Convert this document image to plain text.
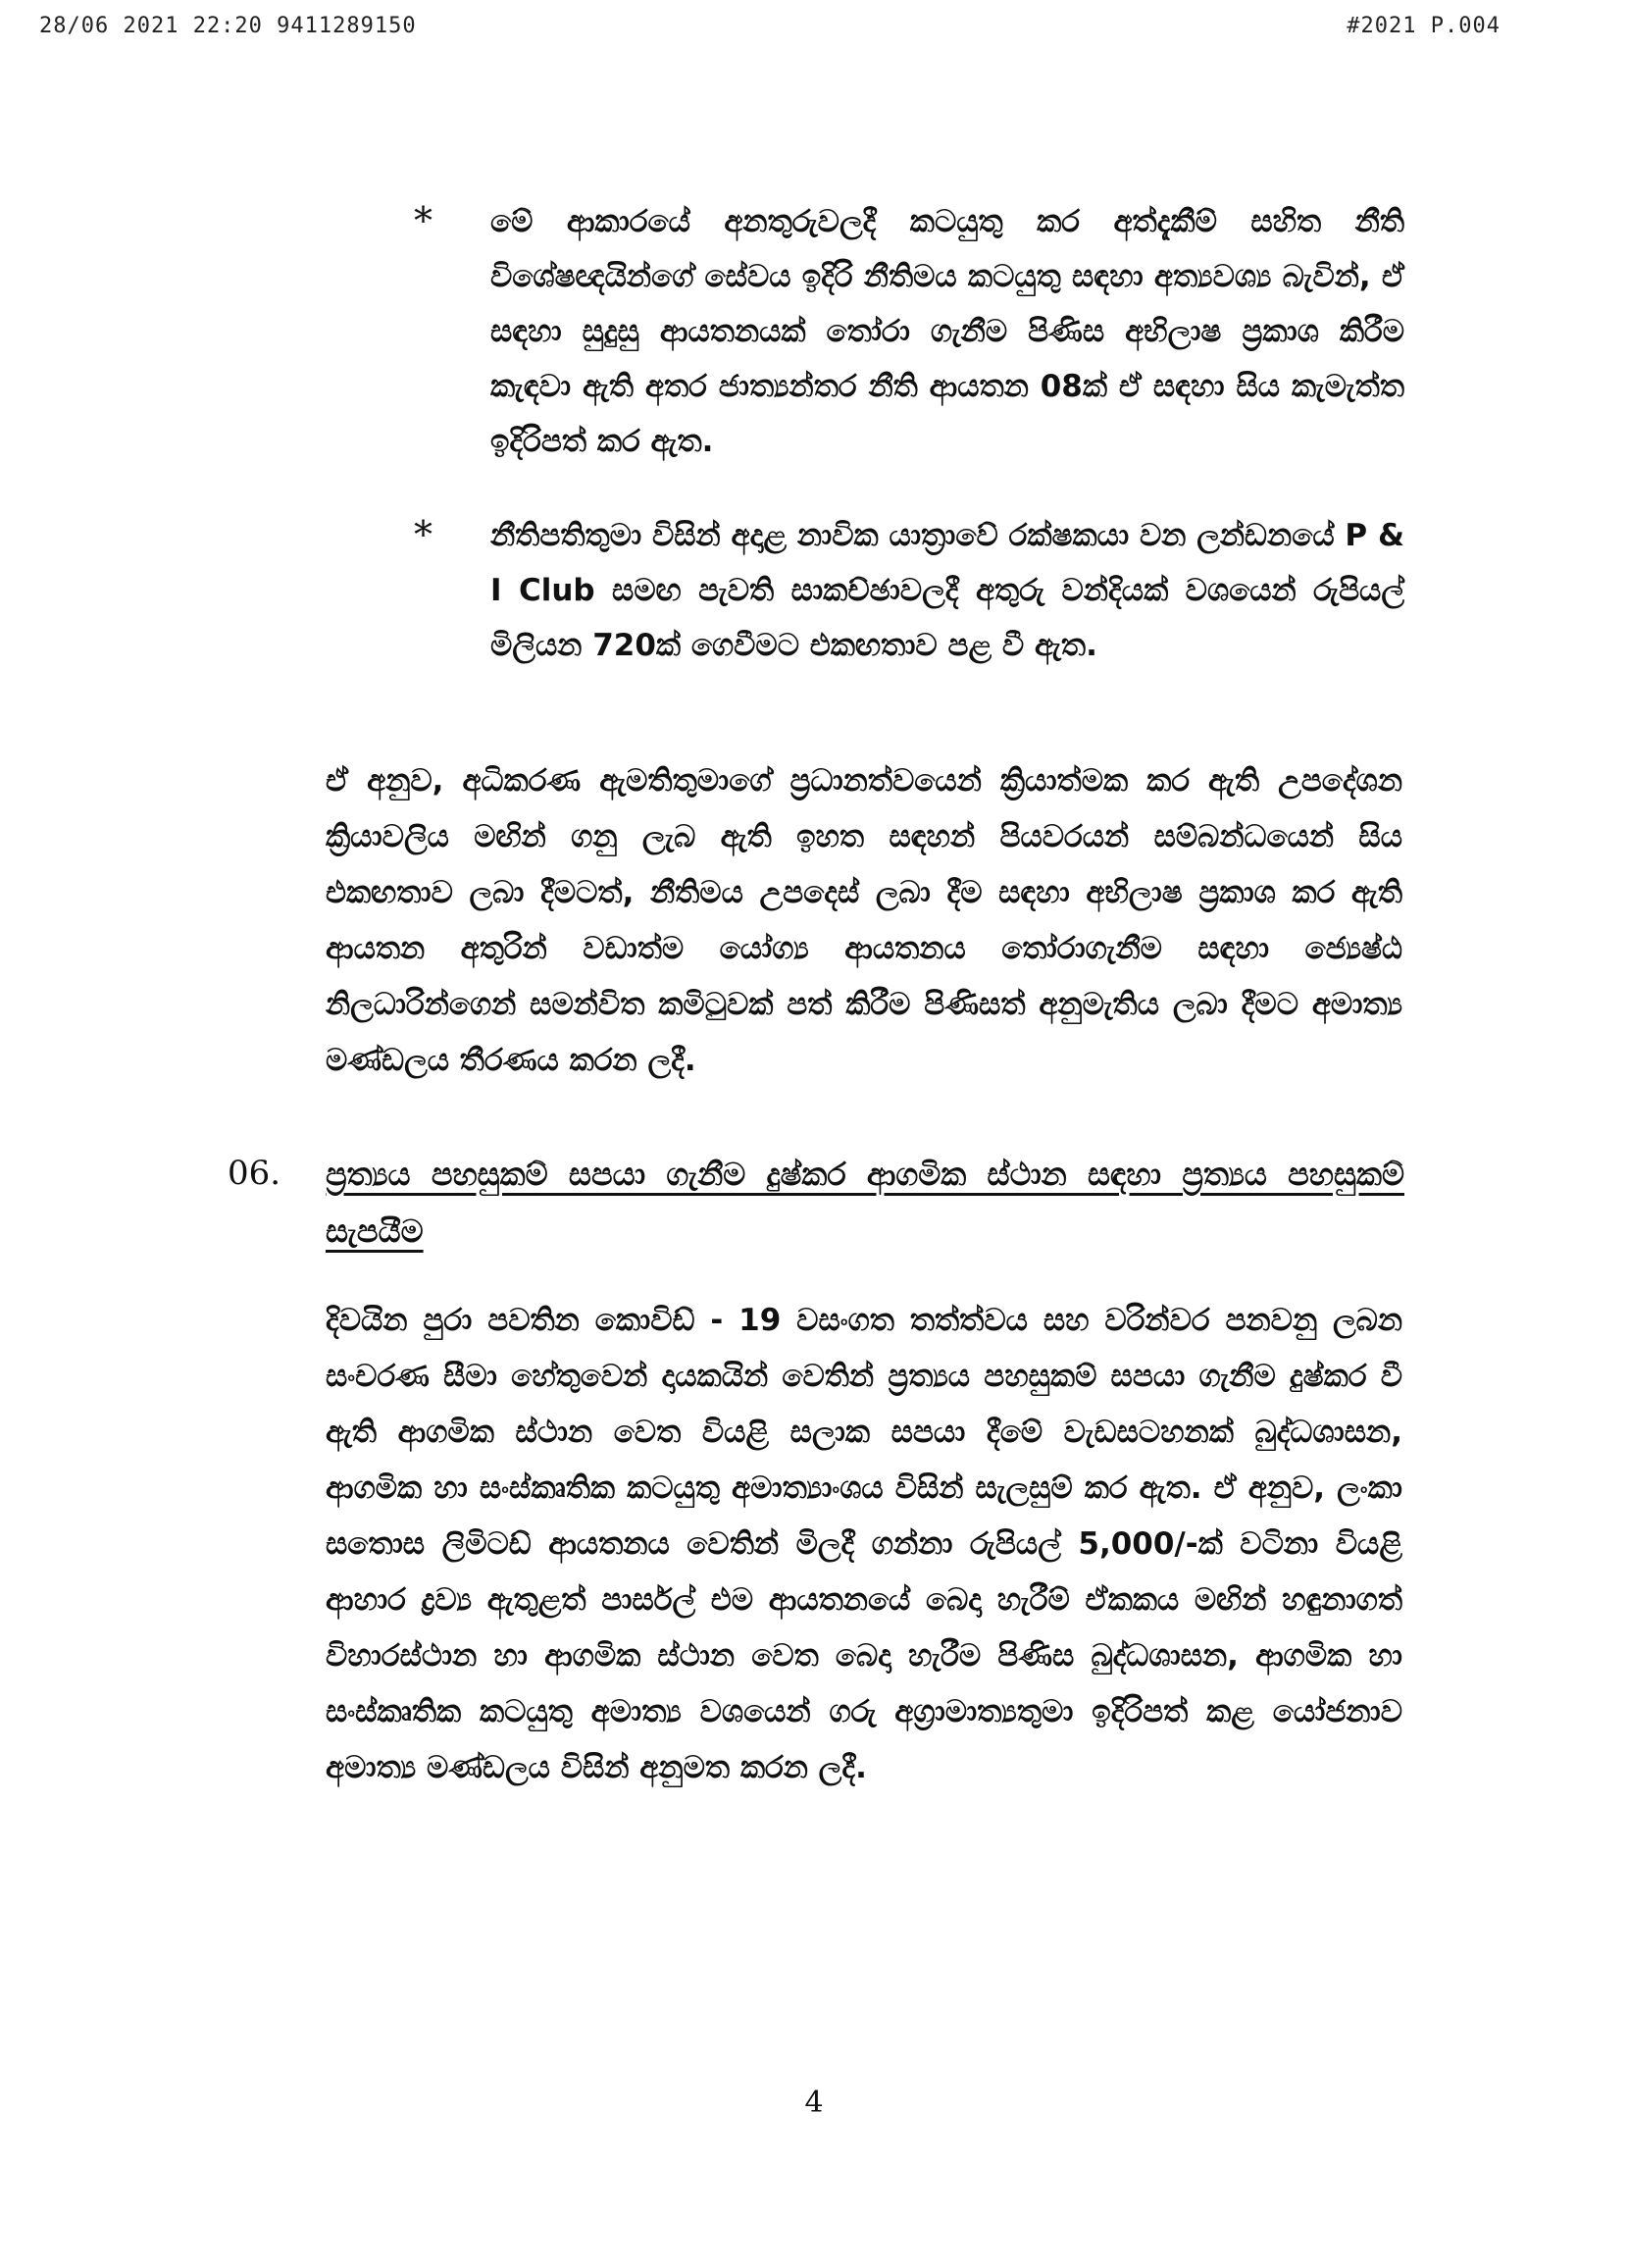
28/06 2021 22:20 9411289150	#2021 P.004
* මේ ආකාරයේ අනතුරුවලදී කටයුතු කර අත්දැකීම් සහිත නීති විශේෂඥයින්ගේ සේවය ඉදිරි නීතිමය කටයුතු සඳහා අත්‍යවශ්‍ය බැවින්, ඒ සඳහා සුදුසු ආයතනයක් තෝරා ගැනීම පිණිස අභිලාෂ ප්‍රකාශ කිරීම කැඳවා ඇති අතර ජාත්‍යන්තර නීති ආයතන 08ක් ඒ සඳහා සිය කැමැත්ත ඉදිරිපත් කර ඇත.
* නීතිපතිතුමා විසින් අදාළ නාවික යාත්‍රාවේ රක්ෂකයා වන ලන්ඩනයේ P & I Club සමඟ පැවති සාකච්ඡාවලදී අතුරු වන්දියක් වශයෙන් රුපියල් මිලියන 720ක් ගෙවීමට එකඟතාව පළ වී ඇත.
ඒ අනුව, අධිකරණ ඇමතිතුමාගේ ප්‍රධානත්වයෙන් ක්‍රියාත්මක කර ඇති උපදේශන ක්‍රියාවලිය මඟින් ගනු ලැබ ඇති ඉහත සඳහන් පියවරයන් සම්බන්ධයෙන් සිය එකඟතාව ලබා දීමටත්, නීතිමය උපදෙස් ලබා දීම සඳහා අභිලාෂ ප්‍රකාශ කර ඇති ආයතන අතුරින් වඩාත්ම යෝග්‍ය ආයතනය තෝරාගැනීම සඳහා ජ්‍යෙෂ්ඨ නිලධාරින්ගෙන් සමන්විත කමිටුවක් පත් කිරීම පිණිසත් අනුමැතිය ලබා දීමට අමාත්‍ය මණ්ඩලය තීරණය කරන ලදී.
06. ප්‍රත්‍යය පහසුකම් සපයා ගැනීම දුෂ්කර ආගමික ස්ථාන සඳහා ප්‍රත්‍යය පහසුකම් සැපයීම
දිවයින පුරා පවතින කොවිඩ් - 19 වසංගත තත්ත්වය සහ වරින්වර පනවනු ලබන සංචරණ සීමා හේතුවෙන් දායකයින් වෙතින් ප්‍රත්‍යය පහසුකම් සපයා ගැනීම දුෂ්කර වී ඇති ආගමික ස්ථාන වෙත වියළි සලාක සපයා දීමේ වැඩසටහනක් බුද්ධශාසන, ආගමික හා සංස්කෘතික කටයුතු අමාත්‍යාංශය විසින් සැලසුම් කර ඇත. ඒ අනුව, ලංකා සතොස ලිමිටඩ් ආයතනය වෙතින් මිලදී ගන්නා රුපියල් 5,000/-ක් වටිනා වියළි ආහාර ද්‍රව්‍ය ඇතුළත් පාර්සල් එම ආයතනයේ බෙදා හැරීම් ඒකකය මඟින් හඳුනාගත් විහාරස්ථාන හා ආගමික ස්ථාන වෙත බෙදා හැරීම පිණිස බුද්ධශාසන, ආගමික හා සංස්කෘතික කටයුතු අමාත්‍ය වශයෙන් ගරු අග්‍රාමාත්‍යතුමා ඉදිරිපත් කළ යෝජනාව අමාත්‍ය මණ්ඩලය විසින් අනුමත කරන ලදී.
4
